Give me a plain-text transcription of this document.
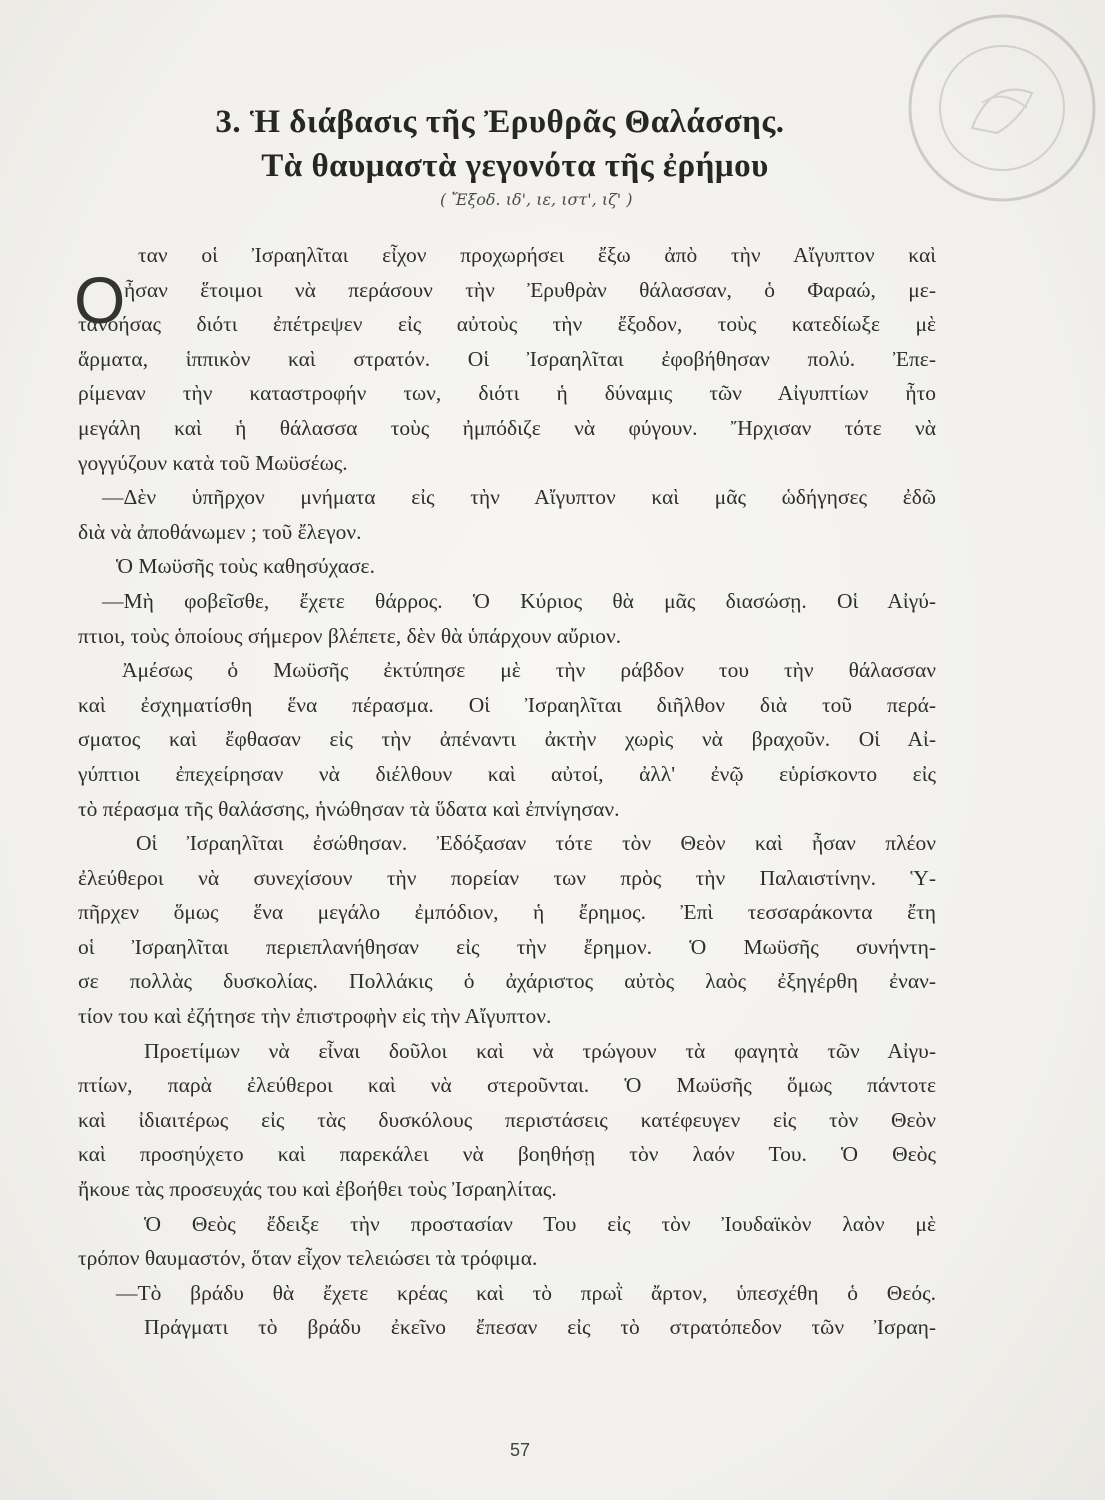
3. Ἡ διάβασις τῆς Ἐρυθρᾶς Θαλάσσης.
Τὰ θαυμαστὰ γεγονότα τῆς ἐρήμου
( Ἔξοδ. ιδ', ιε, ιστ', ιζ' )
Ο
ταν οἱ Ἰσραηλῖται εἶχον προχωρήσει ἔξω ἀπὸ τὴν Αἴγυπτον καὶ
ἦσαν ἕτοιμοι νὰ περάσουν τὴν Ἐρυθρὰν θάλασσαν, ὁ Φαραώ, με-
τανοήσας διότι ἐπέτρεψεν εἰς αὐτοὺς τὴν ἔξοδον, τοὺς κατεδίωξε μὲ
ἅρματα, ἱππικὸν καὶ στρατόν. Οἱ Ἰσραηλῖται ἐφοβήθησαν πολύ. Ἐπε-
ρίμεναν τὴν καταστροφήν των, διότι ἡ δύναμις τῶν Αἰγυπτίων ἦτο
μεγάλη καὶ ἡ θάλασσα τοὺς ἠμπόδιζε νὰ φύγουν. Ἤρχισαν τότε νὰ
γογγύζουν κατὰ τοῦ Μωϋσέως.
—Δὲν ὑπῆρχον μνήματα εἰς τὴν Αἴγυπτον καὶ μᾶς ὡδήγησες ἐδῶ
διὰ νὰ ἀποθάνωμεν ; τοῦ ἔλεγον.
Ὁ Μωϋσῆς τοὺς καθησύχασε.
—Μὴ φοβεῖσθε, ἔχετε θάρρος. Ὁ Κύριος θὰ μᾶς διασώσῃ. Οἱ Αἰγύ-
πτιοι, τοὺς ὁποίους σήμερον βλέπετε, δὲν θὰ ὑπάρχουν αὔριον.
Ἀμέσως ὁ Μωϋσῆς ἐκτύπησε μὲ τὴν ράβδον του τὴν θάλασσαν
καὶ ἐσχηματίσθη ἕνα πέρασμα. Οἱ Ἰσραηλῖται διῆλθον διὰ τοῦ περά-
σματος καὶ ἔφθασαν εἰς τὴν ἀπέναντι ἀκτὴν χωρὶς νὰ βραχοῦν. Οἱ Αἰ-
γύπτιοι ἐπεχείρησαν νὰ διέλθουν καὶ αὐτοί, ἀλλ' ἐνῷ εὑρίσκοντο εἰς
τὸ πέρασμα τῆς θαλάσσης, ἡνώθησαν τὰ ὕδατα καὶ ἐπνίγησαν.
Οἱ Ἰσραηλῖται ἐσώθησαν. Ἐδόξασαν τότε τὸν Θεὸν καὶ ἦσαν πλέον
ἐλεύθεροι νὰ συνεχίσουν τὴν πορείαν των πρὸς τὴν Παλαιστίνην. Ὑ-
πῆρχεν ὅμως ἕνα μεγάλο ἐμπόδιον, ἡ ἔρημος. Ἐπὶ τεσσαράκοντα ἔτη
οἱ Ἰσραηλῖται περιεπλανήθησαν εἰς τὴν ἔρημον. Ὁ Μωϋσῆς συνήντη-
σε πολλὰς δυσκολίας. Πολλάκις ὁ ἀχάριστος αὐτὸς λαὸς ἐξηγέρθη ἐναν-
τίον του καὶ ἐζήτησε τὴν ἐπιστροφὴν εἰς τὴν Αἴγυπτον.
Προετίμων νὰ εἶναι δοῦλοι καὶ νὰ τρώγουν τὰ φαγητὰ τῶν Αἰγυ-
πτίων, παρὰ ἐλεύθεροι καὶ νὰ στεροῦνται. Ὁ Μωϋσῆς ὅμως πάντοτε
καὶ ἰδιαιτέρως εἰς τὰς δυσκόλους περιστάσεις κατέφευγεν εἰς τὸν Θεὸν
καὶ προσηύχετο καὶ παρεκάλει νὰ βοηθήσῃ τὸν λαόν Του. Ὁ Θεὸς
ἤκουε τὰς προσευχάς του καὶ ἐβοήθει τοὺς Ἰσραηλίτας.
Ὁ Θεὸς ἔδειξε τὴν προστασίαν Του εἰς τὸν Ἰουδαϊκὸν λαὸν μὲ
τρόπον θαυμαστόν, ὅταν εἶχον τελειώσει τὰ τρόφιμα.
—Τὸ βράδυ θὰ ἔχετε κρέας καὶ τὸ πρωῒ ἄρτον, ὑπεσχέθη ὁ Θεός.
Πράγματι τὸ βράδυ ἐκεῖνο ἔπεσαν εἰς τὸ στρατόπεδον τῶν Ἰσραη-
57
